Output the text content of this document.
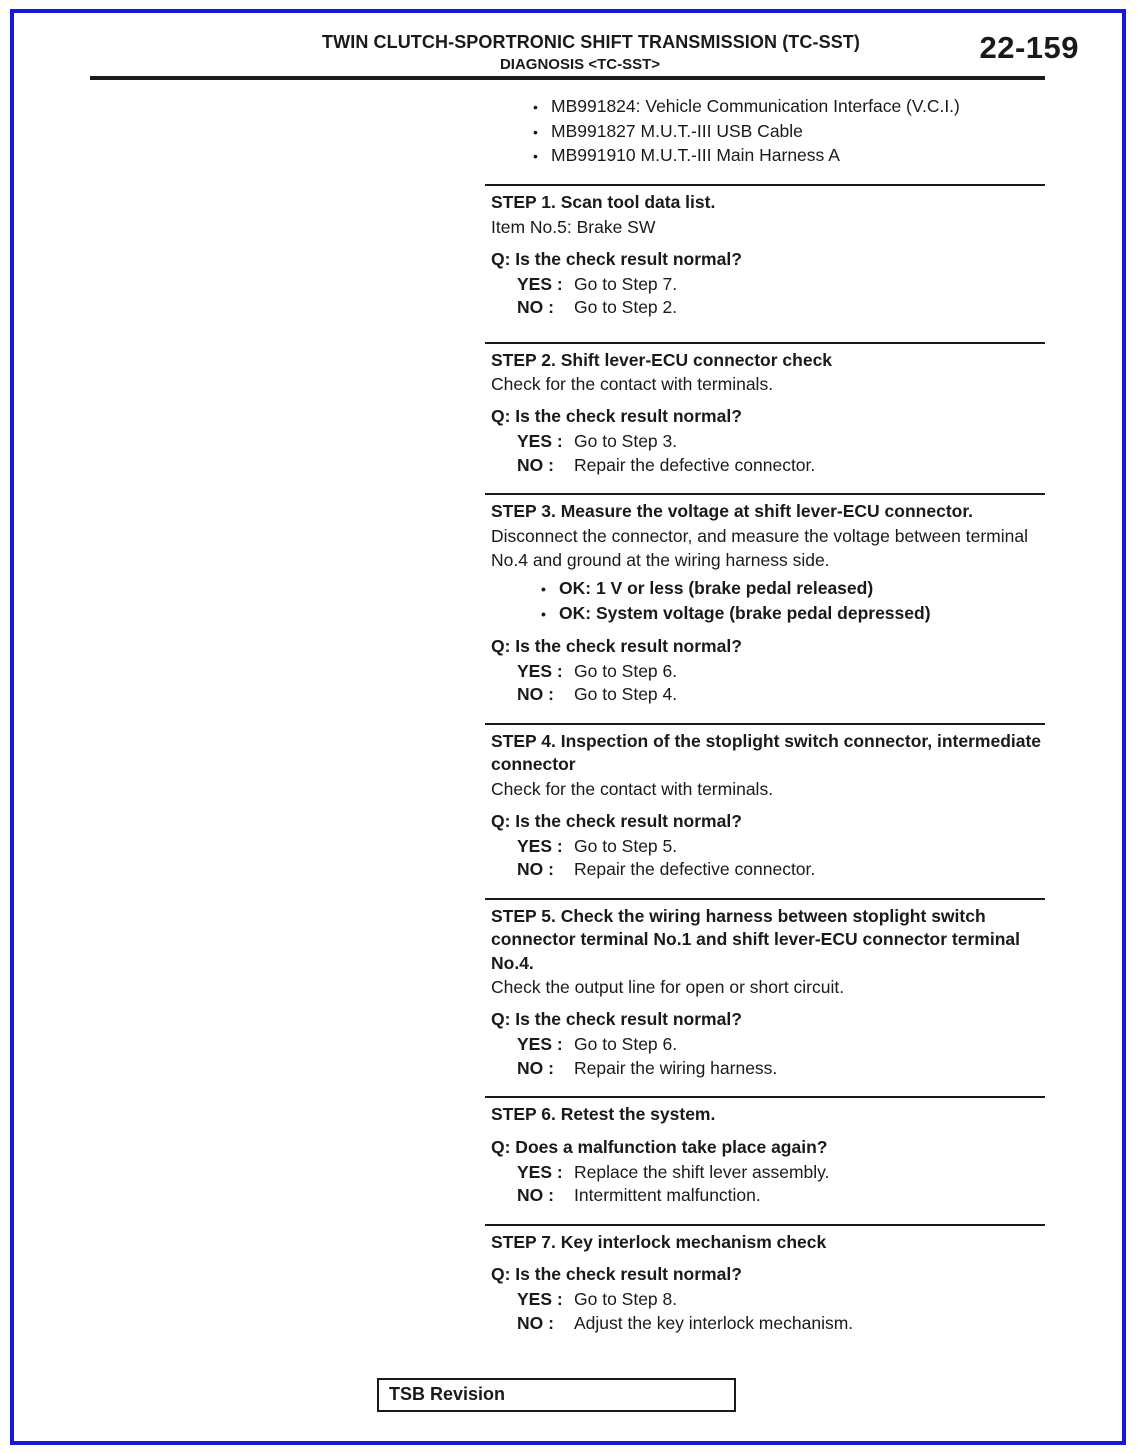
TWIN CLUTCH-SPORTRONIC SHIFT TRANSMISSION (TC-SST)
DIAGNOSIS <TC-SST>	22-159
• MB991824: Vehicle Communication Interface (V.C.I.)
• MB991827 M.U.T.-III USB Cable
• MB991910 M.U.T.-III Main Harness A
STEP 1. Scan tool data list.
Item No.5: Brake SW
Q: Is the check result normal?
YES : Go to Step 7.
NO : Go to Step 2.
STEP 2. Shift lever-ECU connector check
Check for the contact with terminals.
Q: Is the check result normal?
YES : Go to Step 3.
NO : Repair the defective connector.
STEP 3. Measure the voltage at shift lever-ECU connector.
Disconnect the connector, and measure the voltage between terminal No.4 and ground at the wiring harness side.
• OK: 1 V or less (brake pedal released)
• OK: System voltage (brake pedal depressed)
Q: Is the check result normal?
YES : Go to Step 6.
NO : Go to Step 4.
STEP 4. Inspection of the stoplight switch connector, intermediate connector
Check for the contact with terminals.
Q: Is the check result normal?
YES : Go to Step 5.
NO : Repair the defective connector.
STEP 5. Check the wiring harness between stoplight switch connector terminal No.1 and shift lever-ECU connector terminal No.4.
Check the output line for open or short circuit.
Q: Is the check result normal?
YES : Go to Step 6.
NO : Repair the wiring harness.
STEP 6. Retest the system.
Q: Does a malfunction take place again?
YES : Replace the shift lever assembly.
NO : Intermittent malfunction.
STEP 7. Key interlock mechanism check
Q: Is the check result normal?
YES : Go to Step 8.
NO : Adjust the key interlock mechanism.
TSB Revision
